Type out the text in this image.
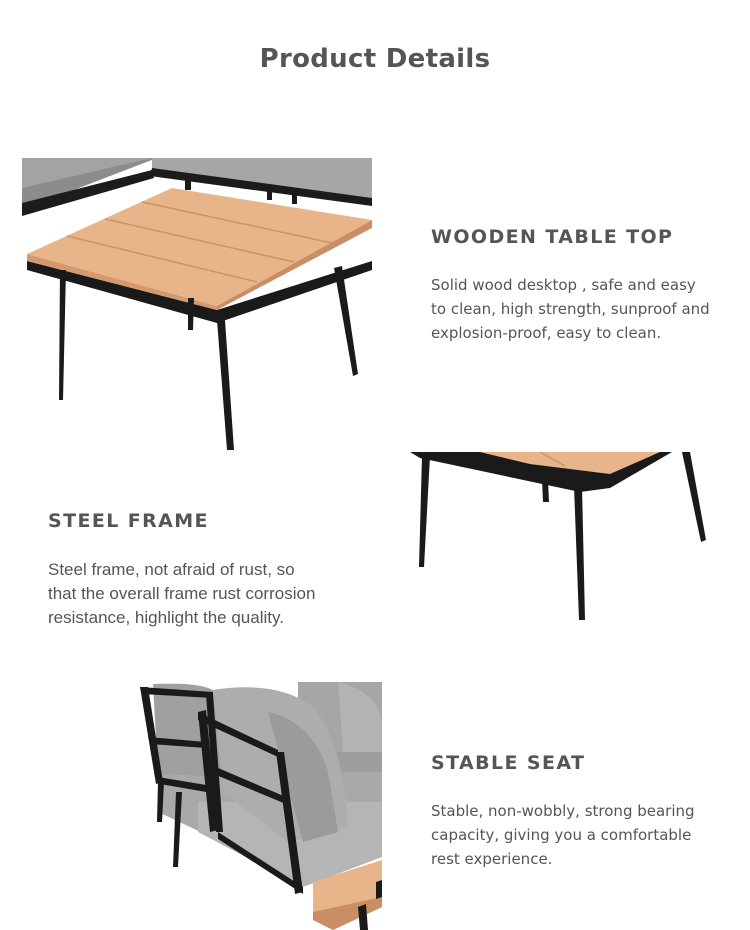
Product Details
WOODEN TABLE TOP
Solid wood desktop , safe and easy
to clean, high strength, sunproof and
explosion-proof, easy to clean.
STEEL FRAME
Steel frame, not afraid of rust, so
that the overall frame rust corrosion
resistance, highlight the quality.
STABLE SEAT
Stable, non-wobbly, strong bearing
capacity, giving you a comfortable
rest experience.
